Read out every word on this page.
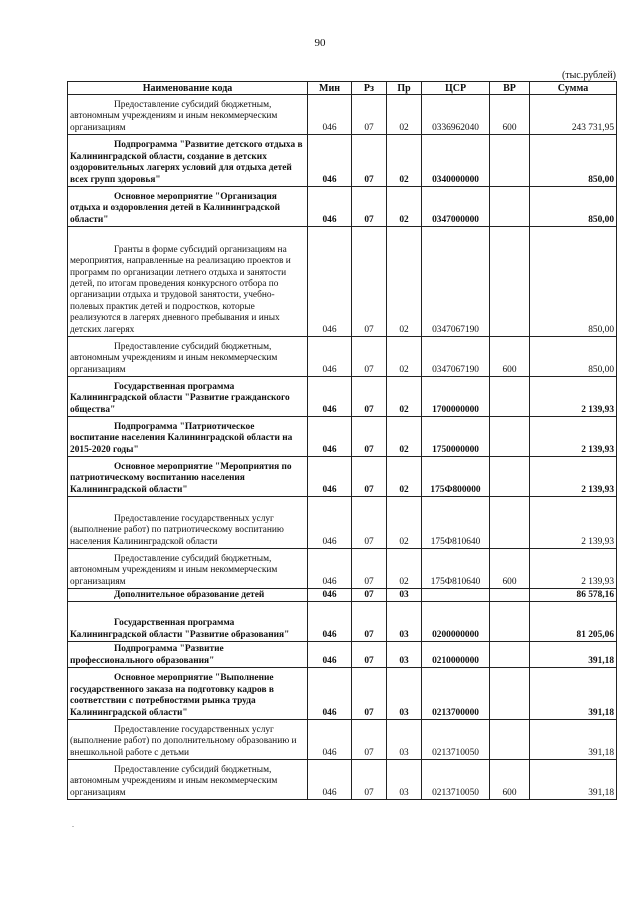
90
(тыс.рублей)
Наименование кода	Мин	Рз	Пр	ЦСР	ВР	Сумма
Предоставление субсидий бюджетным, автономным учреждениям и иным некоммерческим организациям	046	07	02	0336962040	600	243 731,95
Подпрограмма "Развитие детского отдыха в Калининградской области, создание в детских оздоровительных лагерях условий для отдыха детей всех групп здоровья"	046	07	02	0340000000		850,00
Основное мероприятие "Организация отдыха и оздоровления детей в Калининградской области"	046	07	02	0347000000		850,00
Гранты в форме субсидий организациям на мероприятия, направленные на реализацию проектов и программ по организации летнего отдыха и занятости детей, по итогам проведения конкурсного отбора по организации отдыха и трудовой занятости, учебно-полевых практик детей и подростков, которые реализуются в лагерях дневного пребывания и иных детских лагерях	046	07	02	0347067190		850,00
Предоставление субсидий бюджетным, автономным учреждениям и иным некоммерческим организациям	046	07	02	0347067190	600	850,00
Государственная программа Калининградской области "Развитие гражданского общества"	046	07	02	1700000000		2 139,93
Подпрограмма "Патриотическое воспитание населения Калининградской области на 2015-2020 годы"	046	07	02	1750000000		2 139,93
Основное мероприятие "Мероприятия по патриотическому воспитанию населения Калининградской области"	046	07	02	175Ф800000		2 139,93
Предоставление государственных услуг (выполнение работ) по патриотическому воспитанию населения Калининградской области	046	07	02	175Ф810640		2 139,93
Предоставление субсидий бюджетным, автономным учреждениям и иным некоммерческим организациям	046	07	02	175Ф810640	600	2 139,93
Дополнительное образование детей	046	07	03			86 578,16
Государственная программа Калининградской области "Развитие образования"	046	07	03	0200000000		81 205,06
Подпрограмма "Развитие профессионального образования"	046	07	03	0210000000		391,18
Основное мероприятие "Выполнение государственного заказа на подготовку кадров в соответствии с потребностями рынка труда Калининградской области"	046	07	03	0213700000		391,18
Предоставление государственных услуг (выполнение работ) по дополнительному образованию и внешкольной работе с детьми	046	07	03	0213710050		391,18
Предоставление субсидий бюджетным, автономным учреждениям и иным некоммерческим организациям	046	07	03	0213710050	600	391,18
.
